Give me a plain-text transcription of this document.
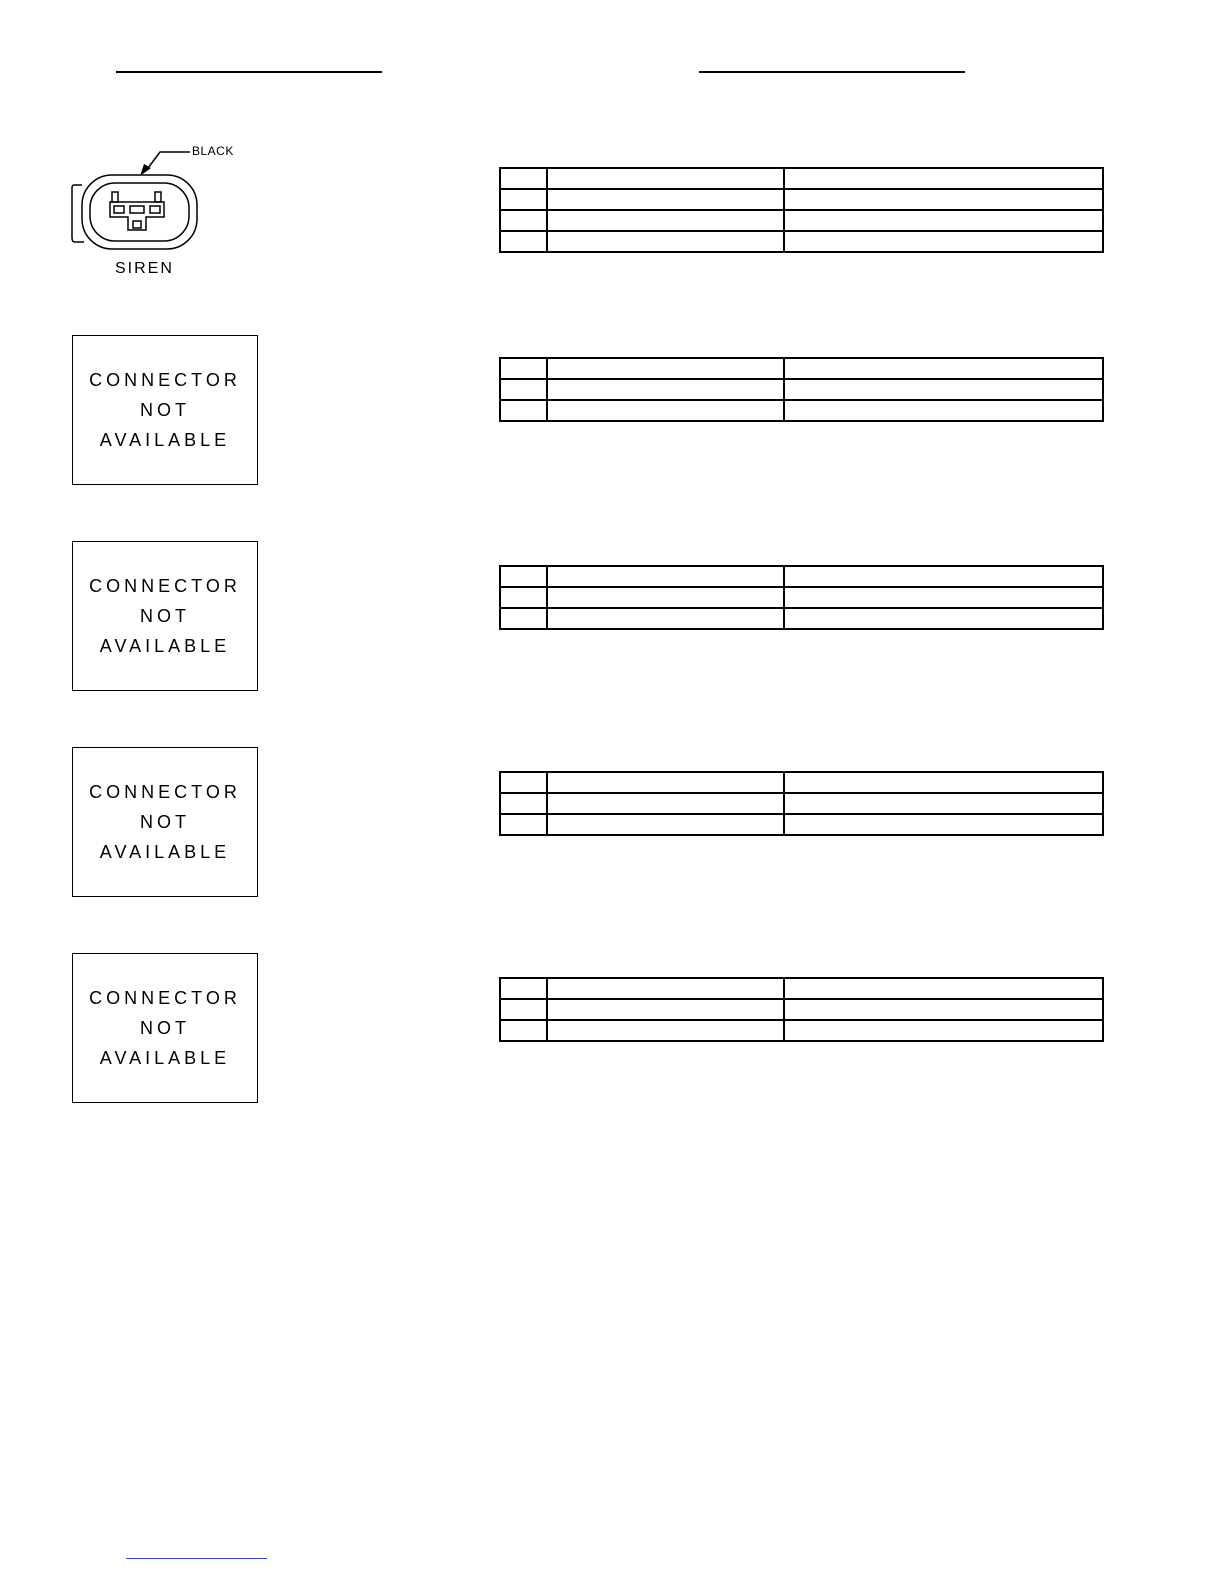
BLACK
SIREN
CONNECTOR
NOT
AVAILABLE
CONNECTOR
NOT
AVAILABLE
CONNECTOR
NOT
AVAILABLE
CONNECTOR
NOT
AVAILABLE
